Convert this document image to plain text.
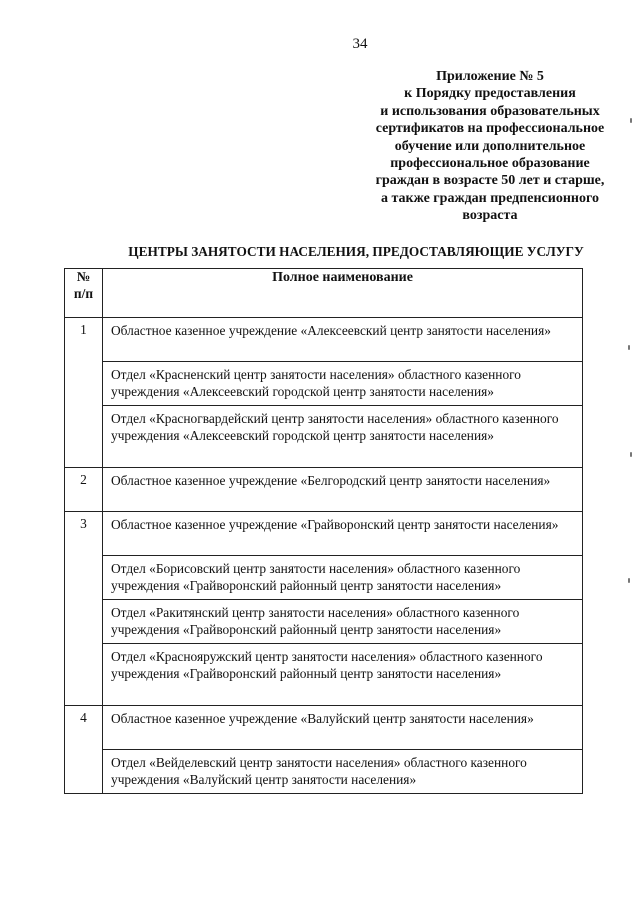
34
Приложение № 5
к Порядку предоставления
и использования образовательных
сертификатов на профессиональное
обучение или дополнительное
профессиональное образование
граждан в возрасте 50 лет и старше,
а также граждан предпенсионного
возраста
ЦЕНТРЫ ЗАНЯТОСТИ НАСЕЛЕНИЯ, ПРЕДОСТАВЛЯЮЩИЕ УСЛУГУ
№
п/п	Полное наименование
1	Областное казенное учреждение «Алексеевский центр занятости населения»
	Отдел «Красненский центр занятости населения» областного казенного учреждения «Алексеевский городской центр занятости населения»
	Отдел «Красногвардейский центр занятости населения» областного казенного учреждения «Алексеевский городской центр занятости населения»
2	Областное казенное учреждение «Белгородский центр занятости населения»
3	Областное казенное учреждение «Грайворонский центр занятости населения»
	Отдел «Борисовский центр занятости населения» областного казенного учреждения «Грайворонский районный центр занятости населения»
	Отдел «Ракитянский центр занятости населения» областного казенного учреждения «Грайворонский районный центр занятости населения»
	Отдел «Краснояружский центр занятости населения» областного казенного учреждения «Грайворонский районный центр занятости населения»
4	Областное казенное учреждение «Валуйский центр занятости населения»
	Отдел «Вейделевский центр занятости населения» областного казенного учреждения «Валуйский центр занятости населения»
